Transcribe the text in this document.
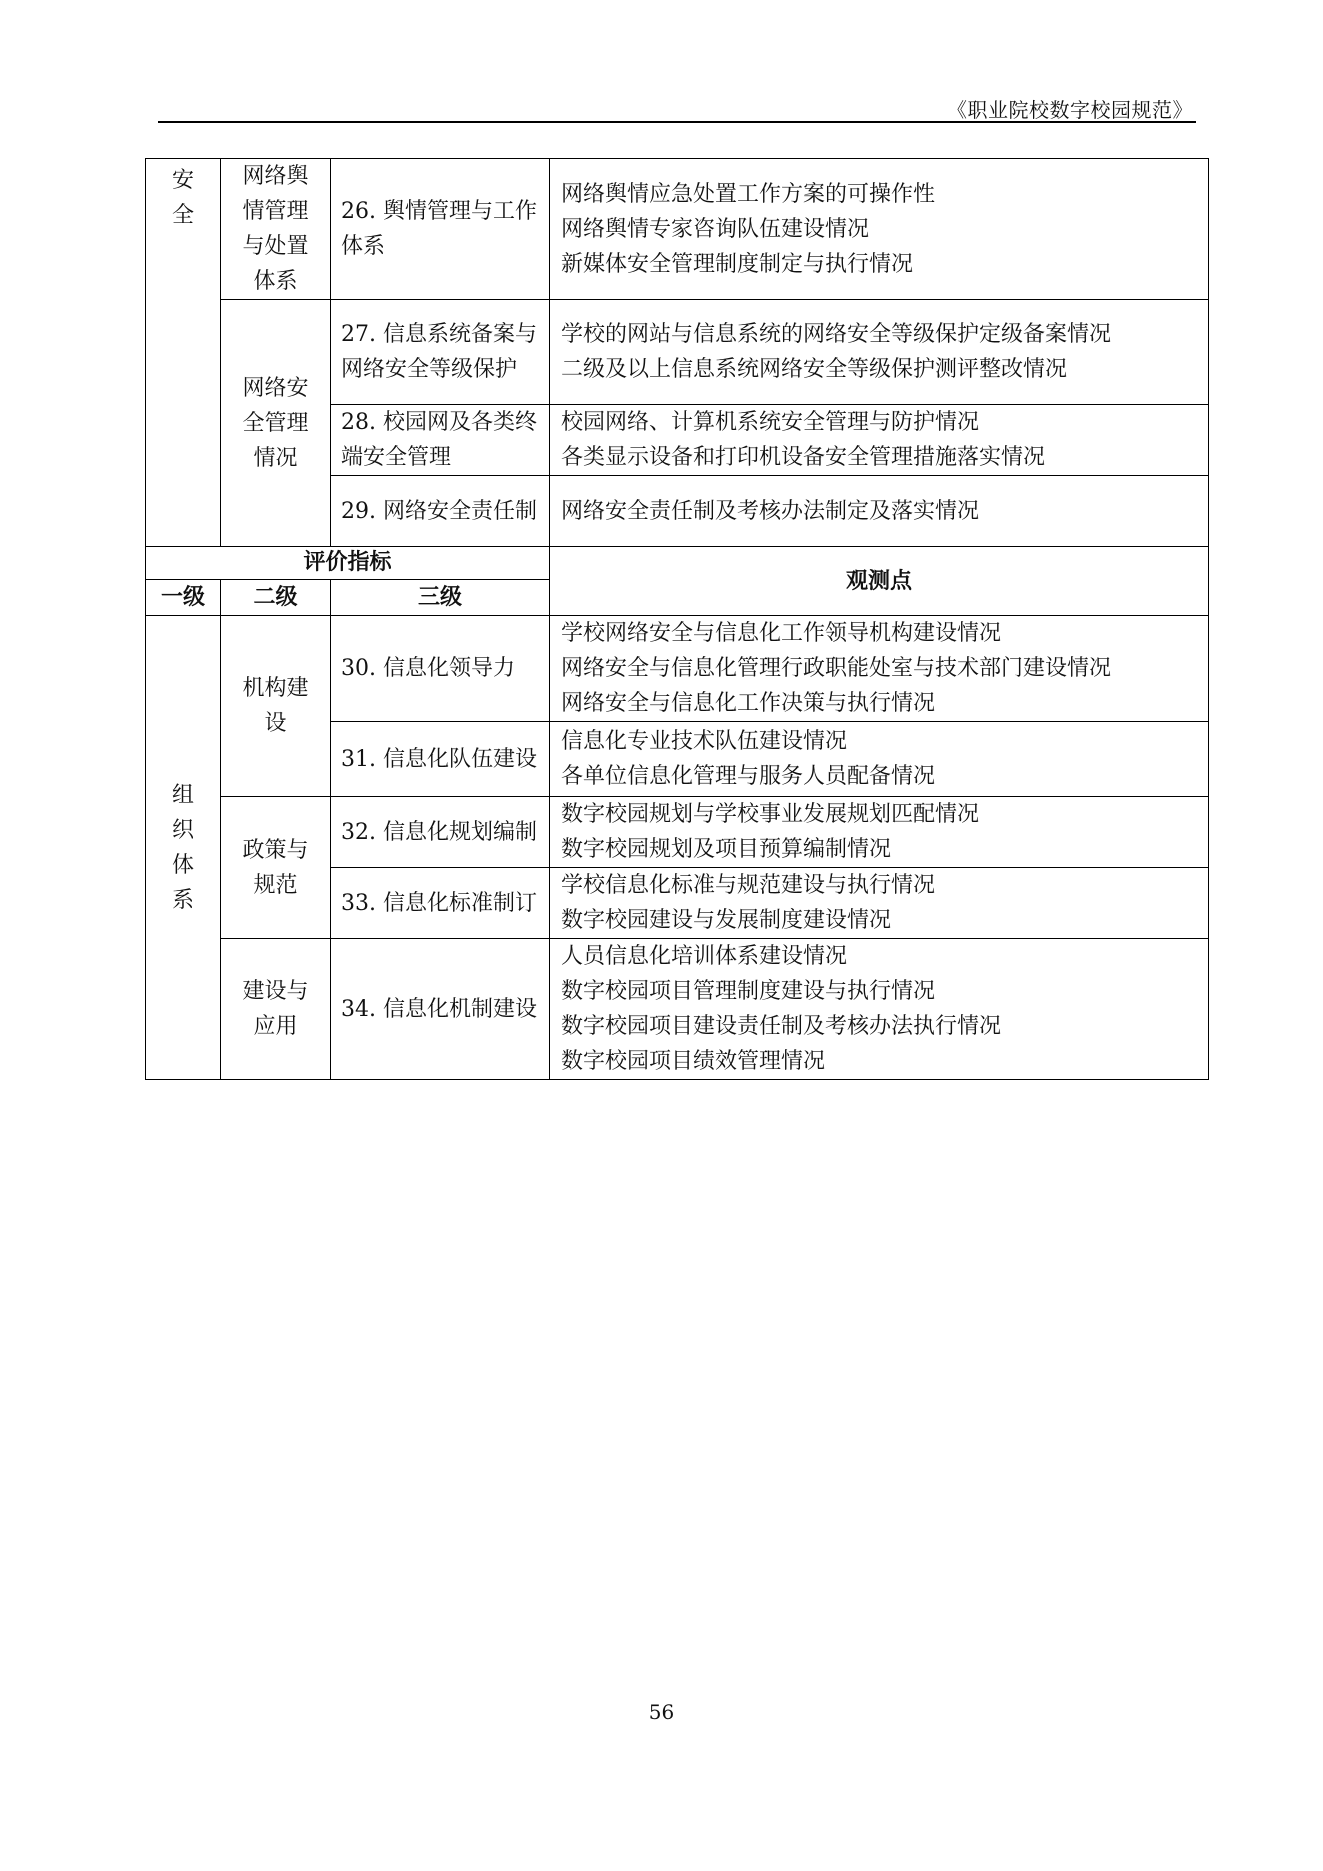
《职业院校数字校园规范》
安
全	网络舆情管理与处置体系	26. 舆情管理与工作体系	网络舆情应急处置工作方案的可操作性
网络舆情专家咨询队伍建设情况
新媒体安全管理制度制定与执行情况

	网络安全管理情况	27. 信息系统备案与网络安全等级保护	学校的网站与信息系统的网络安全等级保护定级备案情况
二级及以上信息系统网络安全等级保护测评整改情况

		28. 校园网及各类终端安全管理	校园网络、计算机系统安全管理与防护情况
各类显示设备和打印机设备安全管理措施落实情况

		29. 网络安全责任制	网络安全责任制及考核办法制定及落实情况

评价指标			观测点
一级	二级	三级	

组
织
体
系	机构建设	30. 信息化领导力	学校网络安全与信息化工作领导机构建设情况
网络安全与信息化管理行政职能处室与技术部门建设情况
网络安全与信息化工作决策与执行情况

		31. 信息化队伍建设	信息化专业技术队伍建设情况
各单位信息化管理与服务人员配备情况

	政策与规范	32. 信息化规划编制	数字校园规划与学校事业发展规划匹配情况
数字校园规划及项目预算编制情况

		33. 信息化标准制订	学校信息化标准与规范建设与执行情况
数字校园建设与发展制度建设情况

	建设与应用	34. 信息化机制建设	人员信息化培训体系建设情况
数字校园项目管理制度建设与执行情况
数字校园项目建设责任制及考核办法执行情况
数字校园项目绩效管理情况
56
